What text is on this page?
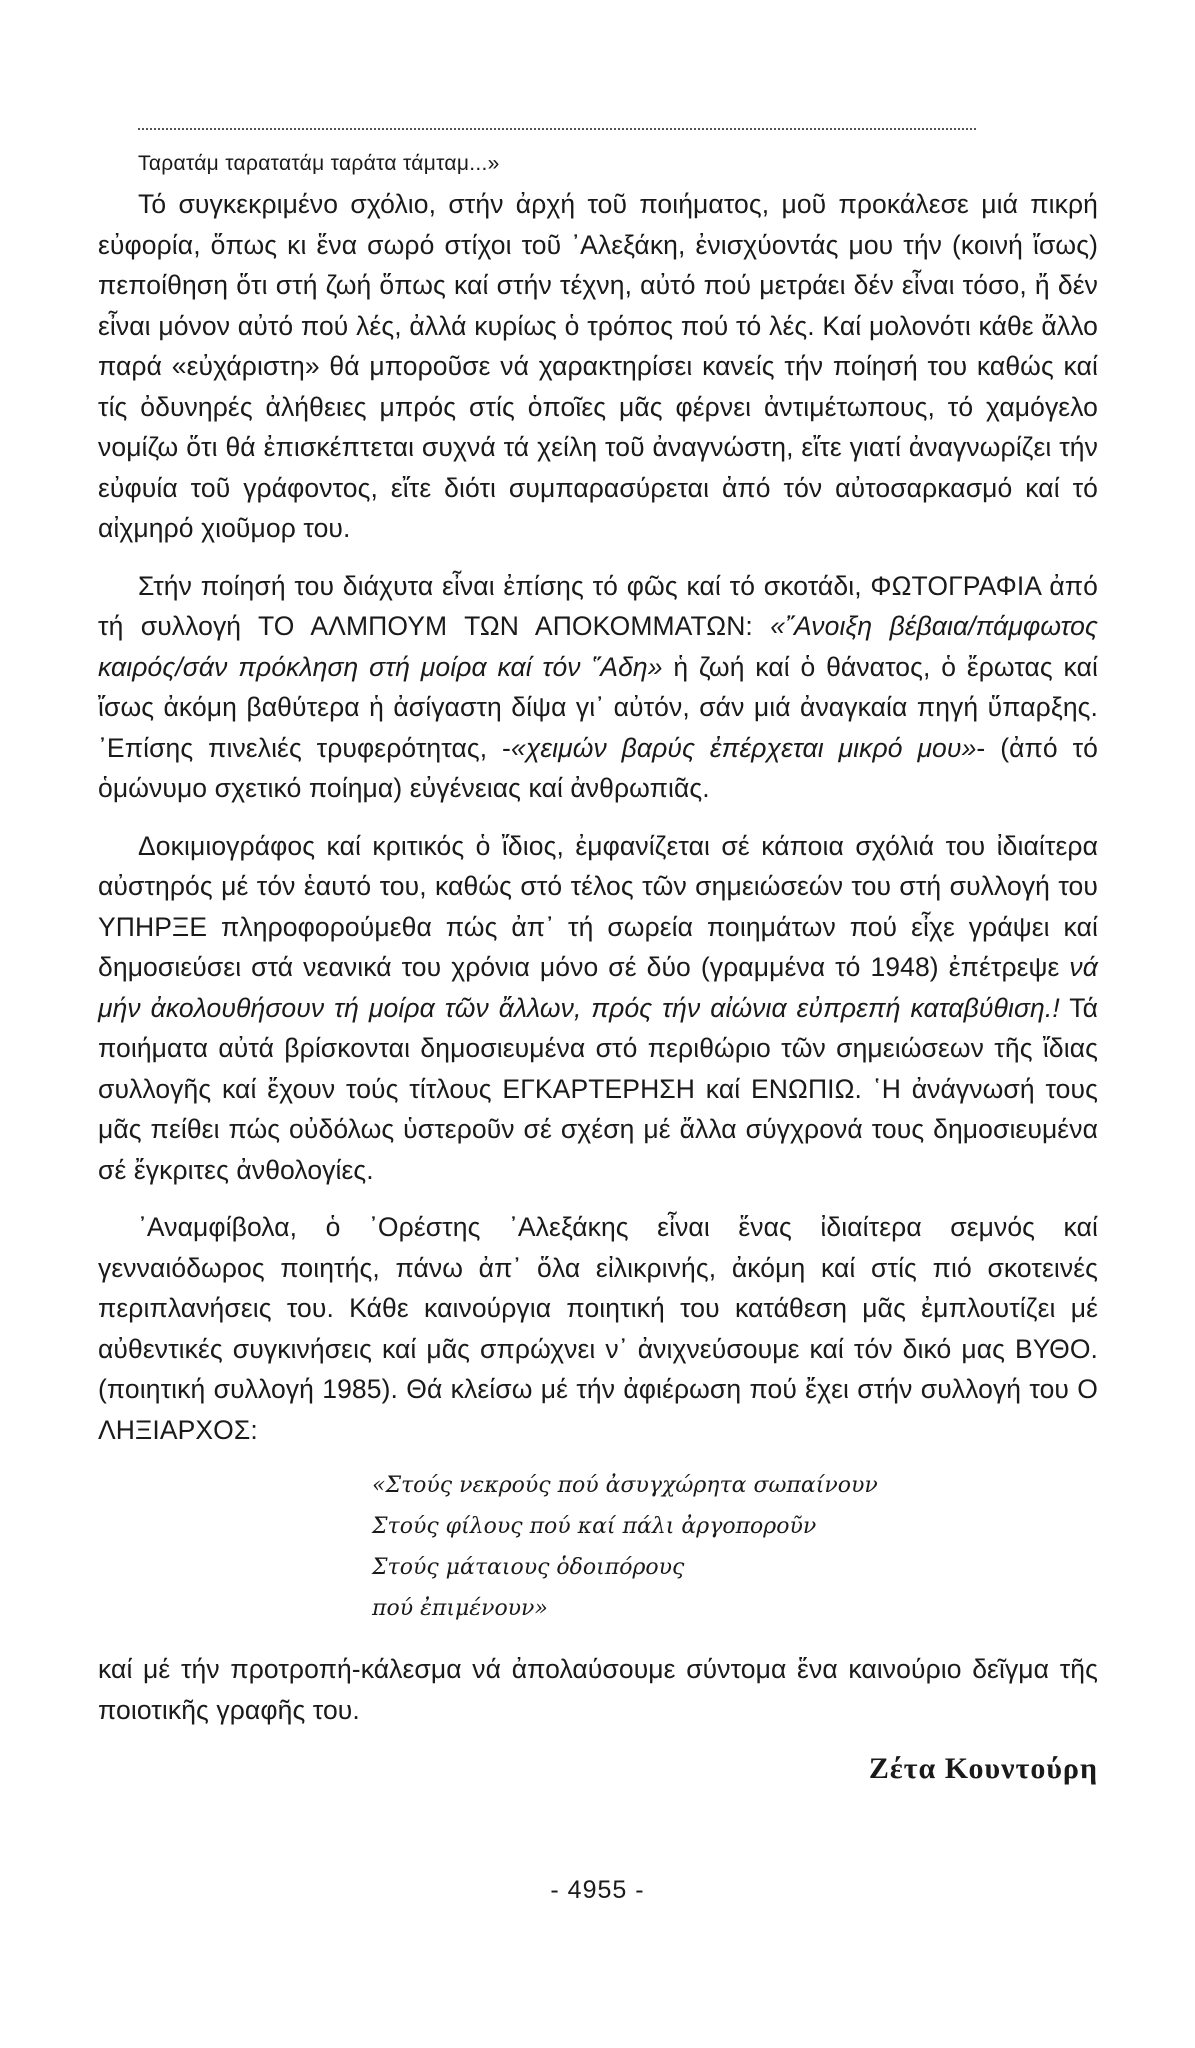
Ταρατάμ ταρατατάμ ταράτα τάμταμ...»

Τό συγκεκριμένο σχόλιο, στήν ἀρχή τοῦ ποιήματος, μοῦ προκάλεσε μιά πικρή εὐφορία, ὅπως κι ἕνα σωρό στίχοι τοῦ ᾿Αλεξάκη, ἐνισχύοντάς μου τήν (κοινή ἴσως) πεποίθηση ὅτι στή ζωή ὅπως καί στήν τέχνη, αὐτό πού μετράει δέν εἶναι τόσο, ἤ δέν εἶναι μόνον αὐτό πού λές, ἀλλά κυρίως ὁ τρόπος πού τό λές. Καί μολονότι κάθε ἄλλο παρά «εὐχάριστη» θά μποροῦσε νά χαρακτηρίσει κανείς τήν ποίησή του καθώς καί τίς ὀδυνηρές ἀλήθειες μπρός στίς ὁποῖες μᾶς φέρνει ἀντιμέτωπους, τό χαμόγελο νομίζω ὅτι θά ἐπισκέπτεται συχνά τά χείλη τοῦ ἀναγνώστη, εἴτε γιατί ἀναγνωρίζει τήν εὐφυία τοῦ γράφοντος, εἴτε διότι συμπαρασύρεται ἀπό τόν αὐτοσαρκασμό καί τό αἰχμηρό χιοῦμορ του.

Στήν ποίησή του διάχυτα εἶναι ἐπίσης τό φῶς καί τό σκοτάδι, ΦΩΤΟΓΡΑΦΙΑ ἀπό τή συλλογή ΤΟ ΑΛΜΠΟΥΜ ΤΩΝ ΑΠΟΚΟΜΜΑΤΩΝ: «῎Ανοιξη βέβαια/πάμφωτος καιρός/σάν πρόκληση στή μοίρα καί τόν ῞Αδη» ἡ ζωή καί ὁ θάνατος, ὁ ἔρωτας καί ἴσως ἀκόμη βαθύτερα ἡ ἀσίγαστη δίψα γι᾿ αὐτόν, σάν μιά ἀναγκαία πηγή ὕπαρξης. ᾿Επίσης πινελιές τρυφερότητας, -«χειμών βαρύς ἐπέρχεται μικρό μου»- (ἀπό τό ὁμώνυμο σχετικό ποίημα) εὐγένειας καί ἀνθρωπιᾶς.

Δοκιμιογράφος καί κριτικός ὁ ἴδιος, ἐμφανίζεται σέ κάποια σχόλιά του ἰδιαίτερα αὐστηρός μέ τόν ἑαυτό του, καθώς στό τέλος τῶν σημειώσεών του στή συλλογή του ΥΠΗΡΞΕ πληροφορούμεθα πώς ἀπ᾿ τή σωρεία ποιημάτων πού εἶχε γράψει καί δημοσιεύσει στά νεανικά του χρόνια μόνο σέ δύο (γραμμένα τό 1948) ἐπέτρεψε νά μήν ἀκολουθήσουν τή μοίρα τῶν ἄλλων, πρός τήν αἰώνια εὐπρεπή καταβύθιση.! Τά ποιήματα αὐτά βρίσκονται δημοσιευμένα στό περιθώριο τῶν σημειώσεων τῆς ἴδιας συλλογῆς καί ἔχουν τούς τίτλους ΕΓΚΑΡΤΕΡΗΣΗ καί ΕΝΩΠΙΩ. ῾Η ἀνάγνωσή τους μᾶς πείθει πώς οὐδόλως ὑστεροῦν σέ σχέση μέ ἄλλα σύγχρονά τους δημοσιευμένα σέ ἔγκριτες ἀνθολογίες.

᾿Αναμφίβολα, ὁ ᾿Ορέστης ᾿Αλεξάκης εἶναι ἕνας ἰδιαίτερα σεμνός καί γενναιόδωρος ποιητής, πάνω ἀπ᾿ ὅλα εἰλικρινής, ἀκόμη καί στίς πιό σκοτεινές περιπλανήσεις του. Κάθε καινούργια ποιητική του κατάθεση μᾶς ἐμπλουτίζει μέ αὐθεντικές συγκινήσεις καί μᾶς σπρώχνει ν᾿ ἀνιχνεύσουμε καί τόν δικό μας ΒΥΘΟ. (ποιητική συλλογή 1985). Θά κλείσω μέ τήν ἀφιέρωση πού ἔχει στήν συλλογή του Ο ΛΗΞΙΑΡΧΟΣ:

«Στούς νεκρούς πού ἀσυγχώρητα σωπαίνουν
Στούς φίλους πού καί πάλι ἀργοποροῦν
Στούς μάταιους ὁδοιπόρους
πού ἐπιμένουν»

καί μέ τήν προτροπή-κάλεσμα νά ἀπολαύσουμε σύντομα ἕνα καινούριο δεῖγμα τῆς ποιοτικῆς γραφῆς του.

Ζέτα Κουντούρη
- 4955 -
